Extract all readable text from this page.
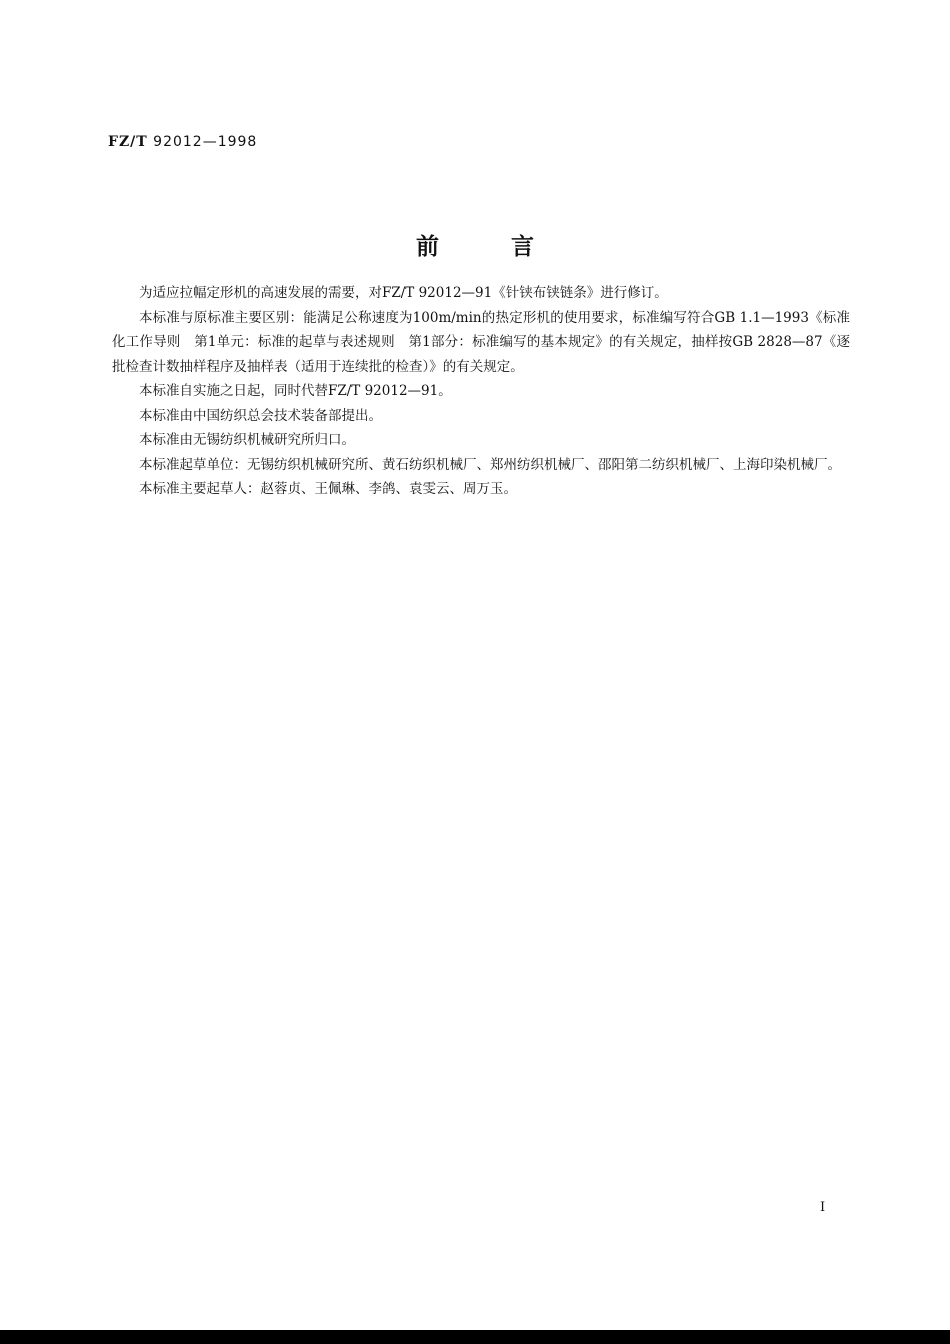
FZ/T 92012—1998
前言

为适应拉幅定形机的高速发展的需要，对FZ/T 92012—91《针铗布铗链条》进行修订。

本标准与原标准主要区别：能满足公称速度为100m/min的热定形机的使用要求，标准编写符合GB 1.1—1993《标准化工作导则　第1单元：标准的起草与表述规则　第1部分：标准编写的基本规定》的有关规定，抽样按GB 2828—87《逐批检查计数抽样程序及抽样表（适用于连续批的检查）》的有关规定。

本标准自实施之日起，同时代替FZ/T 92012—91。

本标准由中国纺织总会技术装备部提出。

本标准由无锡纺织机械研究所归口。

本标准起草单位：无锡纺织机械研究所、黄石纺织机械厂、郑州纺织机械厂、邵阳第二纺织机械厂、上海印染机械厂。

本标准主要起草人：赵蓉贞、王佩琳、李鸽、袁雯云、周万玉。

I
